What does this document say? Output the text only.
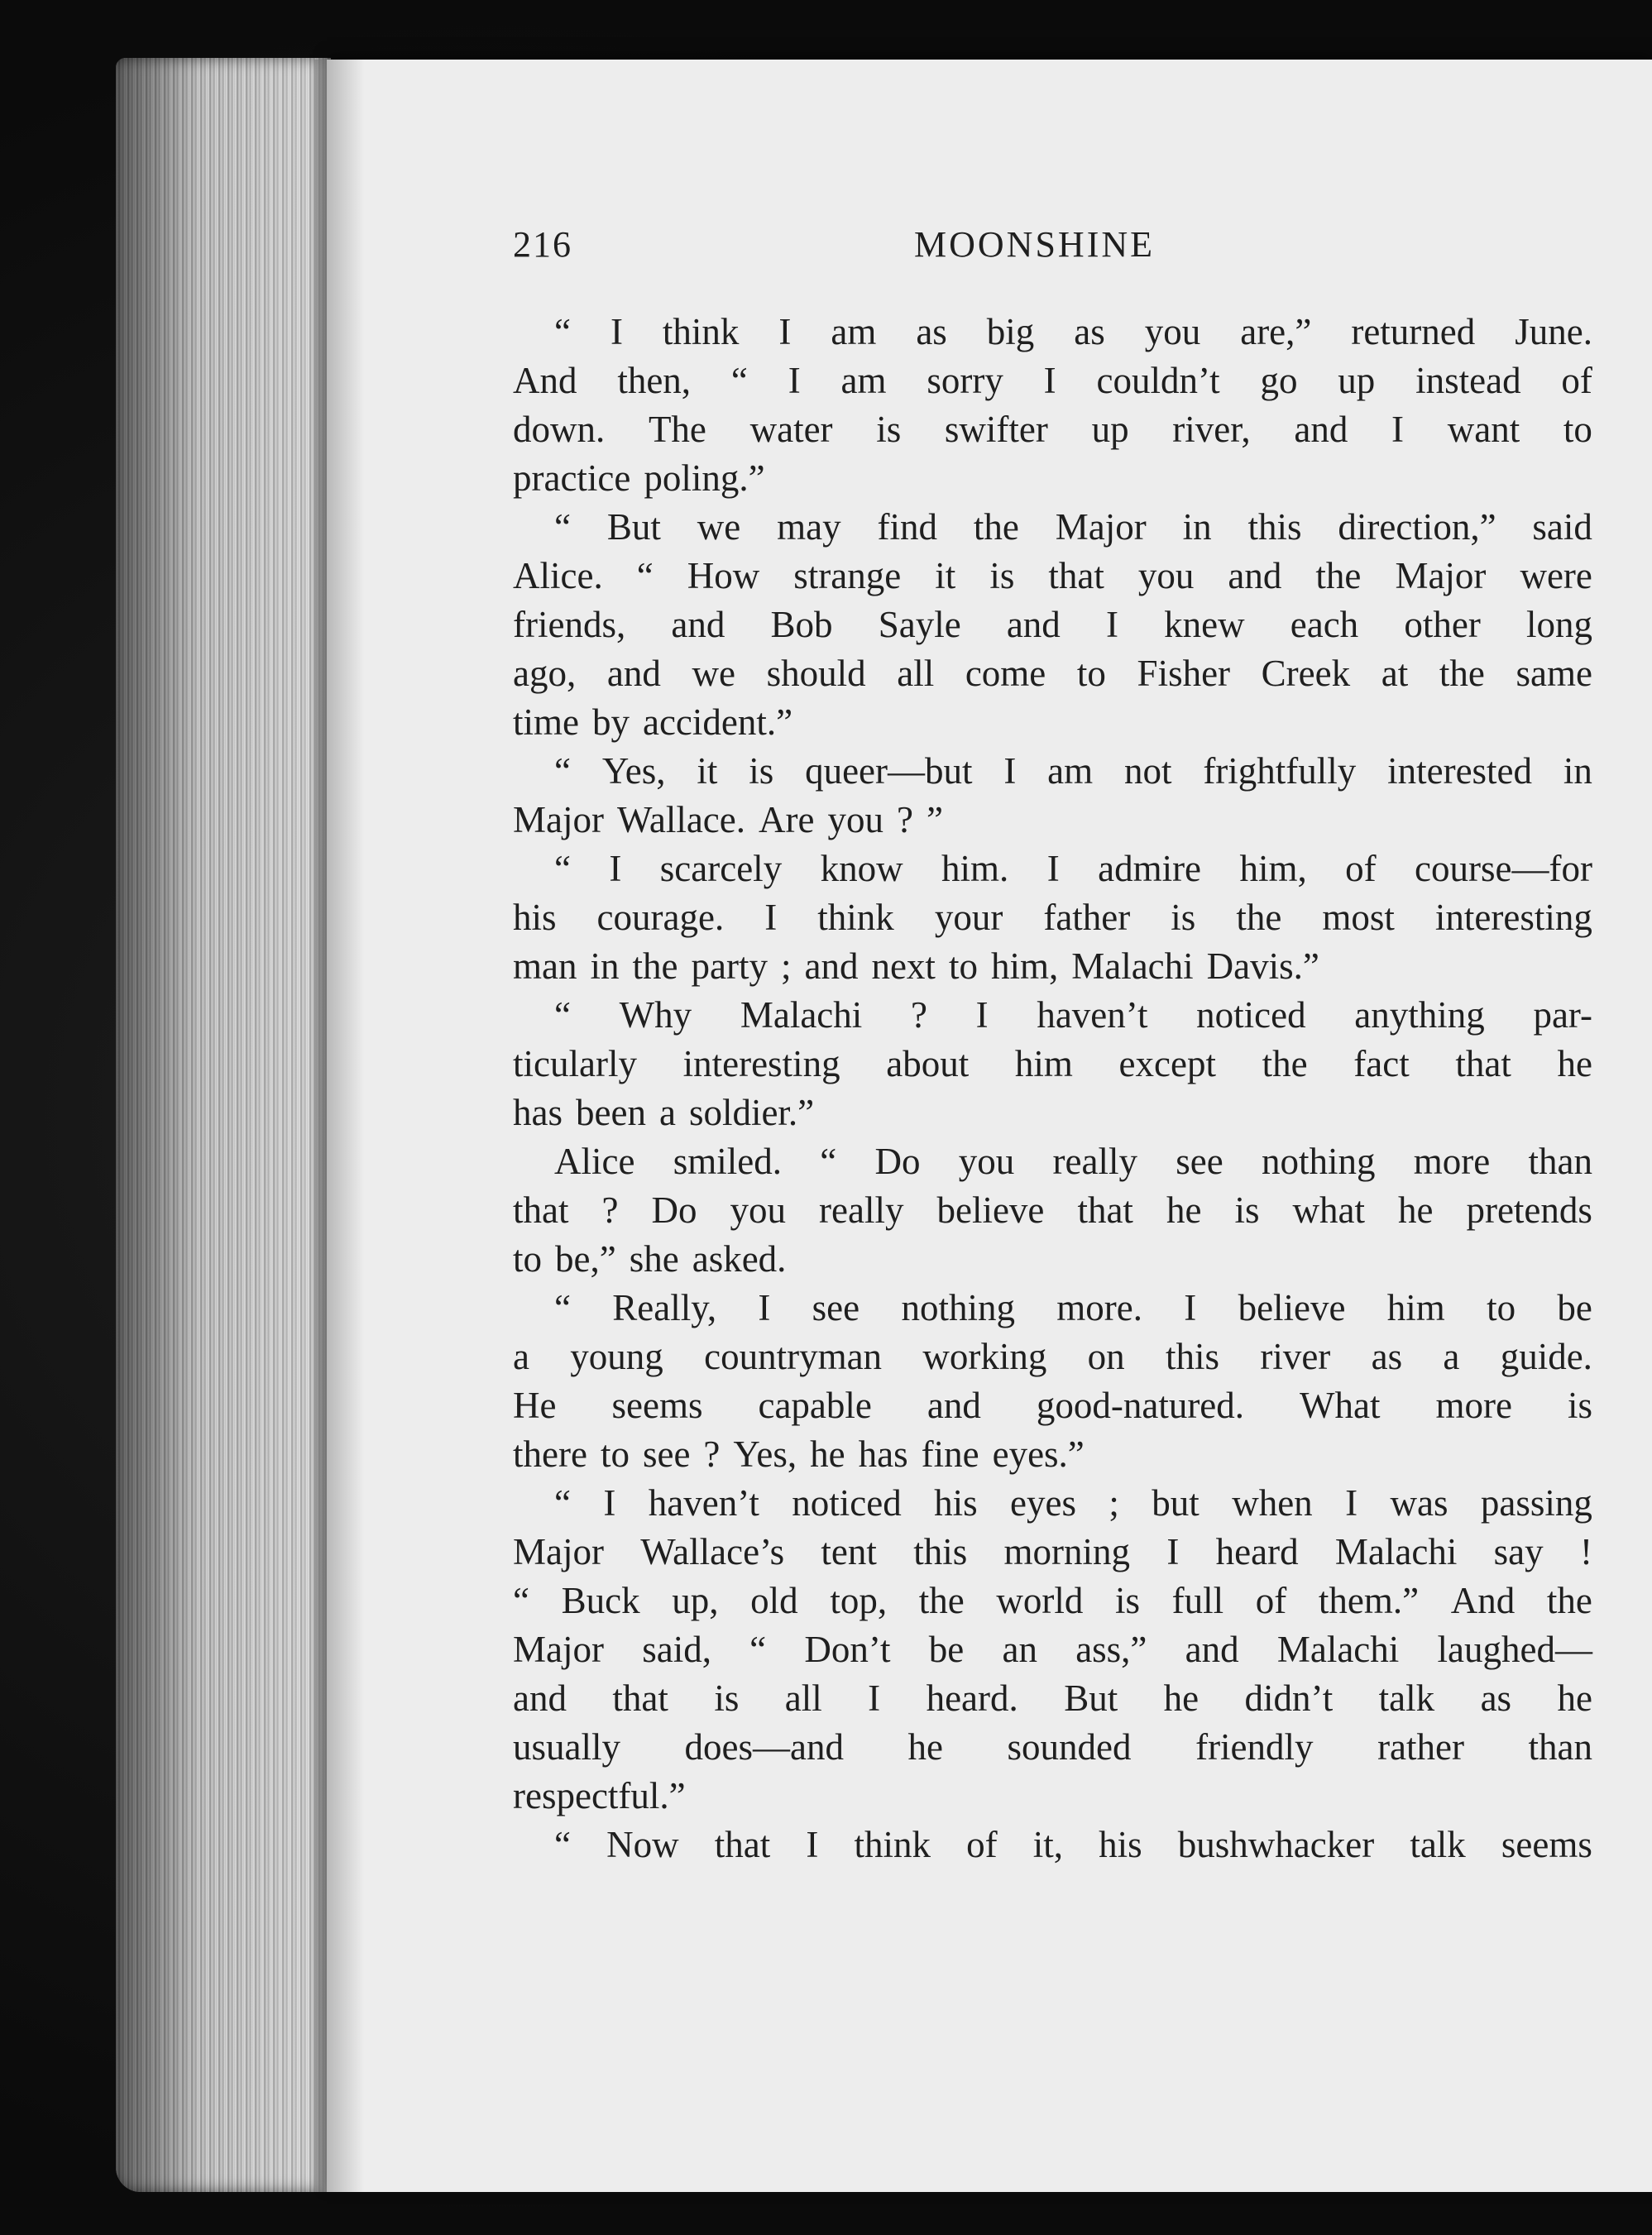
216	MOONSHINE
“ I think I am as big as you are,” returned June.
And then, “ I am sorry I couldn’t go up instead of
down. The water is swifter up river, and I want to
practice poling.”
“ But we may find the Major in this direction,” said
Alice. “ How strange it is that you and the Major were
friends, and Bob Sayle and I knew each other long
ago, and we should all come to Fisher Creek at the same
time by accident.”
“ Yes, it is queer—but I am not frightfully interested in
Major Wallace. Are you ? ”
“ I scarcely know him. I admire him, of course—for
his courage. I think your father is the most interesting
man in the party ; and next to him, Malachi Davis.”
“ Why Malachi ? I haven’t noticed anything par-
ticularly interesting about him except the fact that he
has been a soldier.”
Alice smiled. “ Do you really see nothing more than
that ? Do you really believe that he is what he pretends
to be,” she asked.
“ Really, I see nothing more. I believe him to be
a young countryman working on this river as a guide.
He seems capable and good-natured. What more is
there to see ? Yes, he has fine eyes.”
“ I haven’t noticed his eyes ; but when I was passing
Major Wallace’s tent this morning I heard Malachi say !
“ Buck up, old top, the world is full of them.” And the
Major said, “ Don’t be an ass,” and Malachi laughed—
and that is all I heard. But he didn’t talk as he
usually does—and he sounded friendly rather than
respectful.”
“ Now that I think of it, his bushwhacker talk seems
